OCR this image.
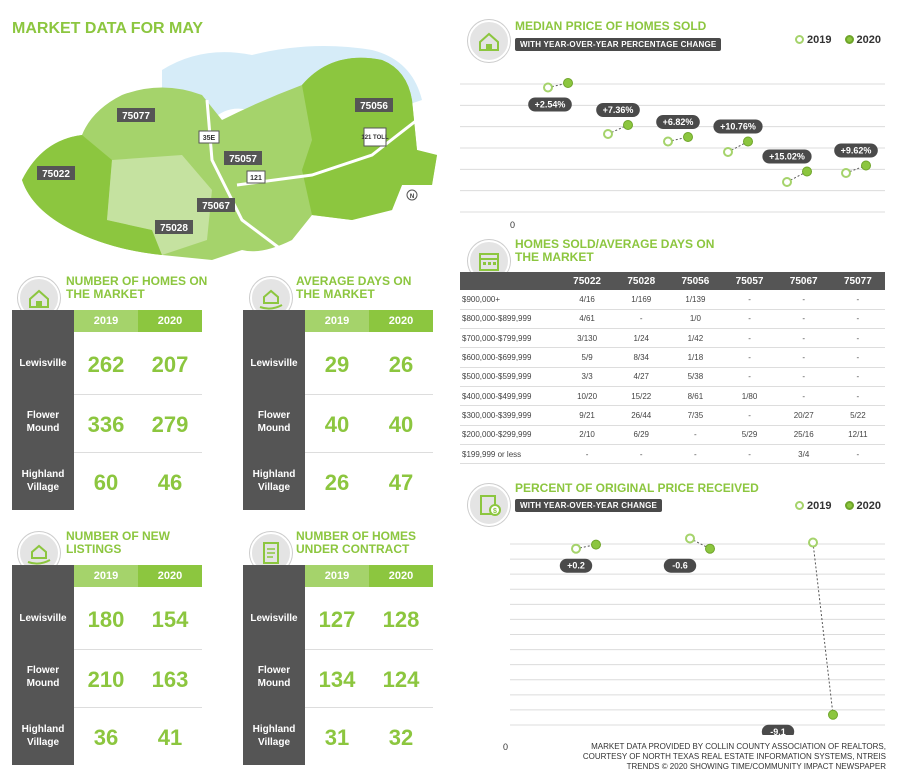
MARKET DATA FOR MAY
75077
75056
75022
75057
75067
75028
35E
121
121 TOLL
N
NUMBER OF HOMES ON THE MARKET
2019	2020
Lewisville 262	207
Flower Mound	336	279
Highland Village	60	46
AVERAGE DAYS ON THE MARKET
2019	2020
Lewisville	29	26
Flower Mound	40	40
Highland Village	26	47
NUMBER OF NEW LISTINGS
2019	2020
Lewisville 180	154
Flower Mound	210	163
Highland Village	36	41
NUMBER OF HOMES UNDER CONTRACT
2019	2020
Lewisville 127	128
Flower Mound	134	124
Highland Village	31	32
MEDIAN PRICE OF HOMES SOLD
WITH YEAR-OVER-YEAR PERCENTAGE CHANGE	2019 2020
+2.54%
+7.36%
+6.82%	+10.76%
+15.02%
+9.62%
0
HOMES SOLD/AVERAGE DAYS ON THE MARKET
	75022	75028	75056	75057	75067	75077
$900,000+	4/16	1/169	1/139	-	-	-
$800,000-$899,999	4/61	-	1/0	-	-	-
$700,000-$799,999	3/130	1/24	1/42	-	-	-
$600,000-$699,999	5/9	8/34	1/18	-	-	-
$500,000-$599,999	3/3	4/27	5/38	-	-	-
$400,000-$499,999	10/20	15/22	8/61	1/80	-	-
$300,000-$399,999	9/21	26/44	7/35	-	20/27	5/22
$200,000-$299,999	2/10	6/29	-	5/29	25/16	12/11
$199,999 or less	-	-	-	-	3/4	-
$
PERCENT OF ORIGINAL PRICE RECEIVED
WITH YEAR-OVER-YEAR CHANGE	2019 2020
+0.2	-0.6
-9.1
0	MARKET DATA PROVIDED BY COLLIN COUNTY ASSOCIATION OF REALTORS,
COURTESY OF NORTH TEXAS REAL ESTATE INFORMATION SYSTEMS, NTREIS
TRENDS © 2020 SHOWING TIME/COMMUNITY IMPACT NEWSPAPER
